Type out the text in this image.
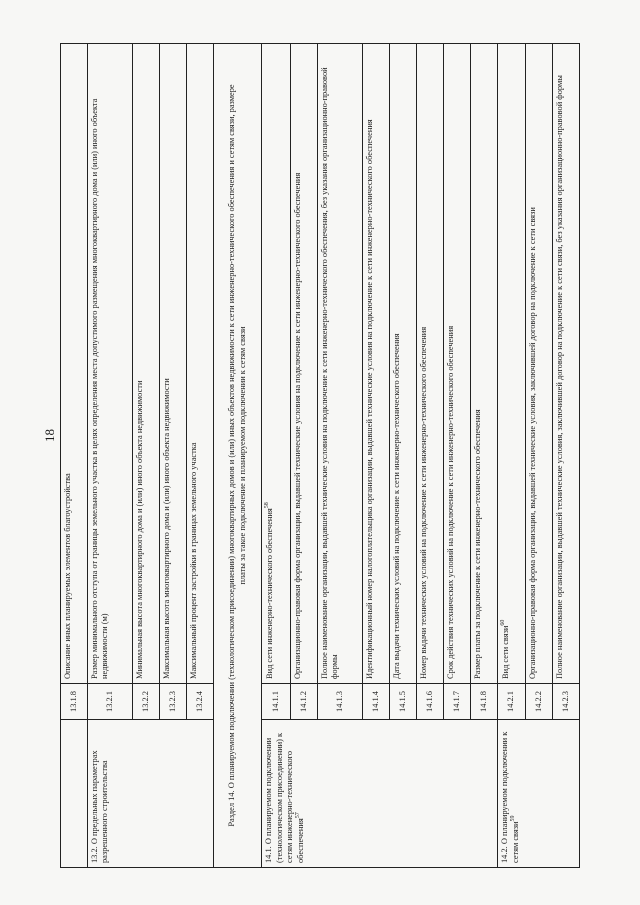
18
	13.1.8	Описание иных планируемых элементов благоустройства
13.2. О предельных параметрах разрешенного строительства	13.2.1	Размер минимального отступа от границы земельного участка в целях определения места допустимого размещения многоквартирного дома и (или) иного объекта недвижимости (м)
	13.2.2	Минимальная высота многоквартирного дома и (или) иного объекта недвижимости
	13.2.3	Максимальная высота многоквартирного дома и (или) иного объекта недвижимости
	13.2.4	Максимальный процент застройки в границах земельного участка
Раздел 14. О планируемом подключении (технологическом присоединении) многоквартирных домов и (или) иных объектов недвижимости к сети инженерно-технического обеспечения и сетям связи, размере платы за такое подключение и планируемом подключении к сетям связи		
14.1. О планируемом подключении (технологическом присоединении) к сетям инженерно-технического обеспечения$^{57}$	14.1.1	Вид сети инженерно-технического обеспечения$^{58}$
	14.1.2	Организационно-правовая форма организации, выдавшей технические условия на подключение к сети инженерно-технического обеспечения
	14.1.3	Полное наименование организации, выдавшей технические условия на подключение к сети инженерно-технического обеспечения, без указания организационно-правовой формы
	14.1.4	Идентификационный номер налогоплательщика организации, выдавшей технические условия на подключение к сети инженерно-технического обеспечения
	14.1.5	Дата выдачи технических условий на подключение к сети инженерно-технического обеспечения
	14.1.6	Номер выдачи технических условий на подключение к сети инженерно-технического обеспечения
	14.1.7	Срок действия технических условий на подключение к сети инженерно-технического обеспечения
	14.1.8	Размер платы за подключение к сети инженерно-технического обеспечения
14.2. О планируемом подключении к сетям связи$^{59}$	14.2.1	Вид сети связи$^{60}$
	14.2.2	Организационно-правовая форма организации, выдавшей технические условия, заключившей договор на подключение к сети связи
	14.2.3	Полное наименование организации, выдавшей технические условия, заключившей договор на подключение к сети связи, без указания организационно-правовой формы
